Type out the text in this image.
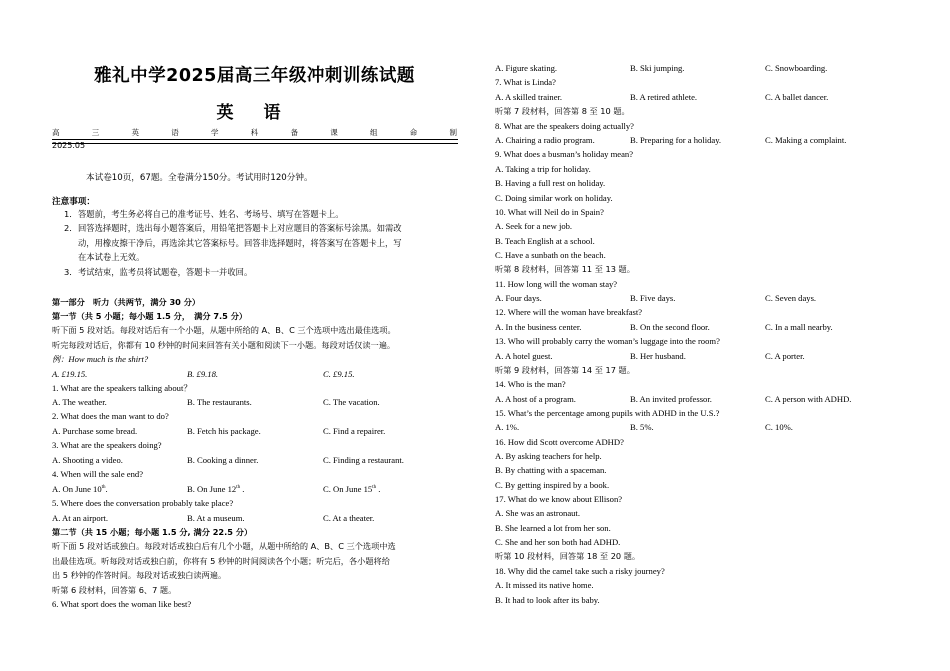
雅礼中学2025届高三年级冲刺训练试题
英 语
高	三	英	语	学	科	备	课	组	命	制
2025.05
本试卷10页，67题。全卷满分150分。考试用时120分钟。
注意事项：
1．答题前，考生务必将自己的准考证号、姓名、考场号、填写在答题卡上。
2．回答选择题时，选出每小题答案后，用铅笔把答题卡上对应题目的答案标号涂黑。如需改
动，用橡皮擦干净后，再选涂其它答案标号。回答非选择题时，将答案写在答题卡上，写
在本试卷上无效。
3．考试结束，监考员将试题卷，答题卡一并收回。
第一部分　听力（共两节，满分 30 分）
第一节（共 5 小题；每小题 1.5 分，　满分 7.5 分）
听下面 5 段对话。每段对话后有一个小题，从题中所给的 A、B、C 三个选项中选出最佳选项。
听完每段对话后，你都有 10 秒钟的时间来回答有关小题和阅读下一小题。每段对话仅读一遍。
例：How much is the shirt?
A. £19.15.	B. £9.18.	C. £9.15.
1. What are the speakers talking about？
A. The weather.	B. The restaurants.	C. The vacation.
2. What does the man want to do?
A. Purchase some bread.	B. Fetch his package.	C. Find a repairer.
3. What are the speakers doing?
A. Shooting a video.	B. Cooking a dinner.	C. Finding a restaurant.
4. When will the sale end?
A. On June 10th.	B. On June 12th .	C. On June 15th .
5. Where does the conversation probably take place?
A. At an airport.	B. At a museum.	C. At a theater.
第二节（共 15 小题；每小题 1.5 分, 满分 22.5 分）
听下面 5 段对话或独白。每段对话或独白后有几个小题，从题中所给的 A、B、C 三个选项中选
出最佳选项。听每段对话或独白前，你将有 5 秒钟的时间阅读各个小题；听完后，各小题将给
出 5 秒钟的作答时间。每段对话或独白读两遍。
听第 6 段材料，回答第 6、7 题。
6. What sport does the woman like best?
A. Figure skating.	B. Ski jumping.	C. Snowboarding.
7. What is Linda?
A. A skilled trainer.	B. A retired athlete.	C. A ballet dancer.
听第 7 段材料，回答第 8 至 10 题。
8. What are the speakers doing actually?
A. Chairing a radio program.	B. Preparing for a holiday.	C. Making a complaint.
9. What does a busman’s holiday mean?
A. Taking a trip for holiday.
B. Having a full rest on holiday.
C. Doing similar work on holiday.
10. What will Neil do in Spain?
A. Seek for a new job.
B. Teach English at a school.
C. Have a sunbath on the beach.
听第 8 段材料，回答第 11 至 13 题。
11. How long will the woman stay?
A. Four days.	B. Five days.	C. Seven days.
12. Where will the woman have breakfast?
A. In the business center.	B. On the second floor.	C. In a mall nearby.
13. Who will probably carry the woman’s luggage into the room?
A. A hotel guest.	B. Her husband.	C. A porter.
听第 9 段材料，回答第 14 至 17 题。
14. Who is the man?
A. A host of a program.	B. An invited professor.	C. A person with ADHD.
15. What’s the percentage among pupils with ADHD in the U.S.?
A. 1%.	B. 5%.	C. 10%.
16. How did Scott overcome ADHD?
A. By asking teachers for help.
B. By chatting with a spaceman.
C. By getting inspired by a book.
17. What do we know about Ellison?
A. She was an astronaut.
B. She learned a lot from her son.
C. She and her son both had ADHD.
听第 10 段材料，回答第 18 至 20 题。
18. Why did the camel take such a risky journey?
A. It missed its native home.
B. It had to look after its baby.
